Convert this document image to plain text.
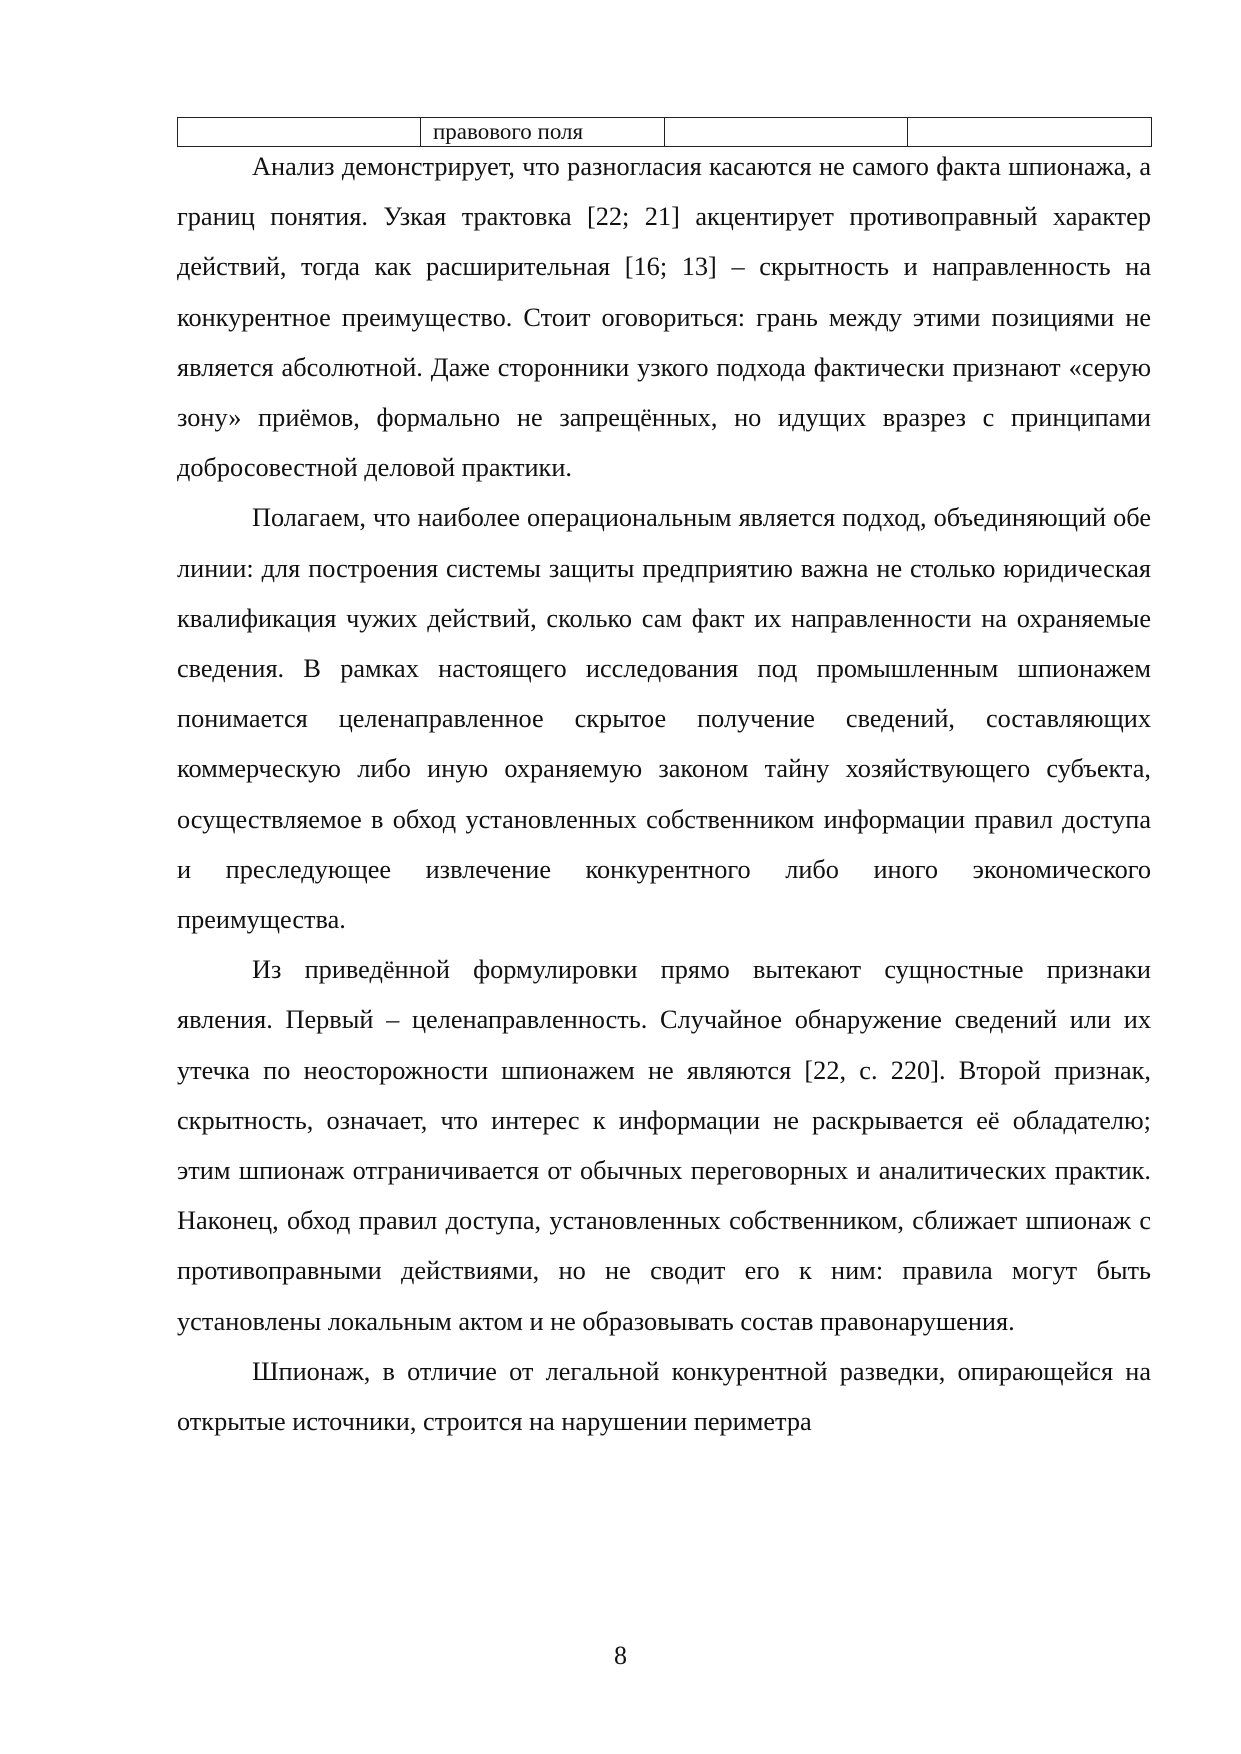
	правового поля		

Анализ демонстрирует, что разногласия касаются не самого факта шпионажа, а границ понятия. Узкая трактовка [22; 21] акцентирует противоправный характер действий, тогда как расширительная [16; 13] – скрытность и направленность на конкурентное преимущество. Стоит оговориться: грань между этими позициями не является абсолютной. Даже сторонники узкого подхода фактически признают «серую зону» приёмов, формально не запрещённых, но идущих вразрез с принципами добросовестной деловой практики.

Полагаем, что наиболее операциональным является подход, объединяющий обе линии: для построения системы защиты предприятию важна не столько юридическая квалификация чужих действий, сколько сам факт их направленности на охраняемые сведения. В рамках настоящего исследования под промышленным шпионажем понимается целенаправленное скрытое получение сведений, составляющих коммерческую либо иную охраняемую законом тайну хозяйствующего субъекта, осуществляемое в обход установленных собственником информации правил доступа и преследующее извлечение конкурентного либо иного экономического преимущества.

Из приведённой формулировки прямо вытекают сущностные признаки явления. Первый – целенаправленность. Случайное обнаружение сведений или их утечка по неосторожности шпионажем не являются [22, с. 220]. Второй признак, скрытность, означает, что интерес к информации не раскрывается её обладателю; этим шпионаж отграничивается от обычных переговорных и аналитических практик. Наконец, обход правил доступа, установленных собственником, сближает шпионаж с противоправными действиями, но не сводит его к ним: правила могут быть установлены локальным актом и не образовывать состав правонарушения.

Шпионаж, в отличие от легальной конкурентной разведки, опирающейся на открытые источники, строится на нарушении периметра

8
